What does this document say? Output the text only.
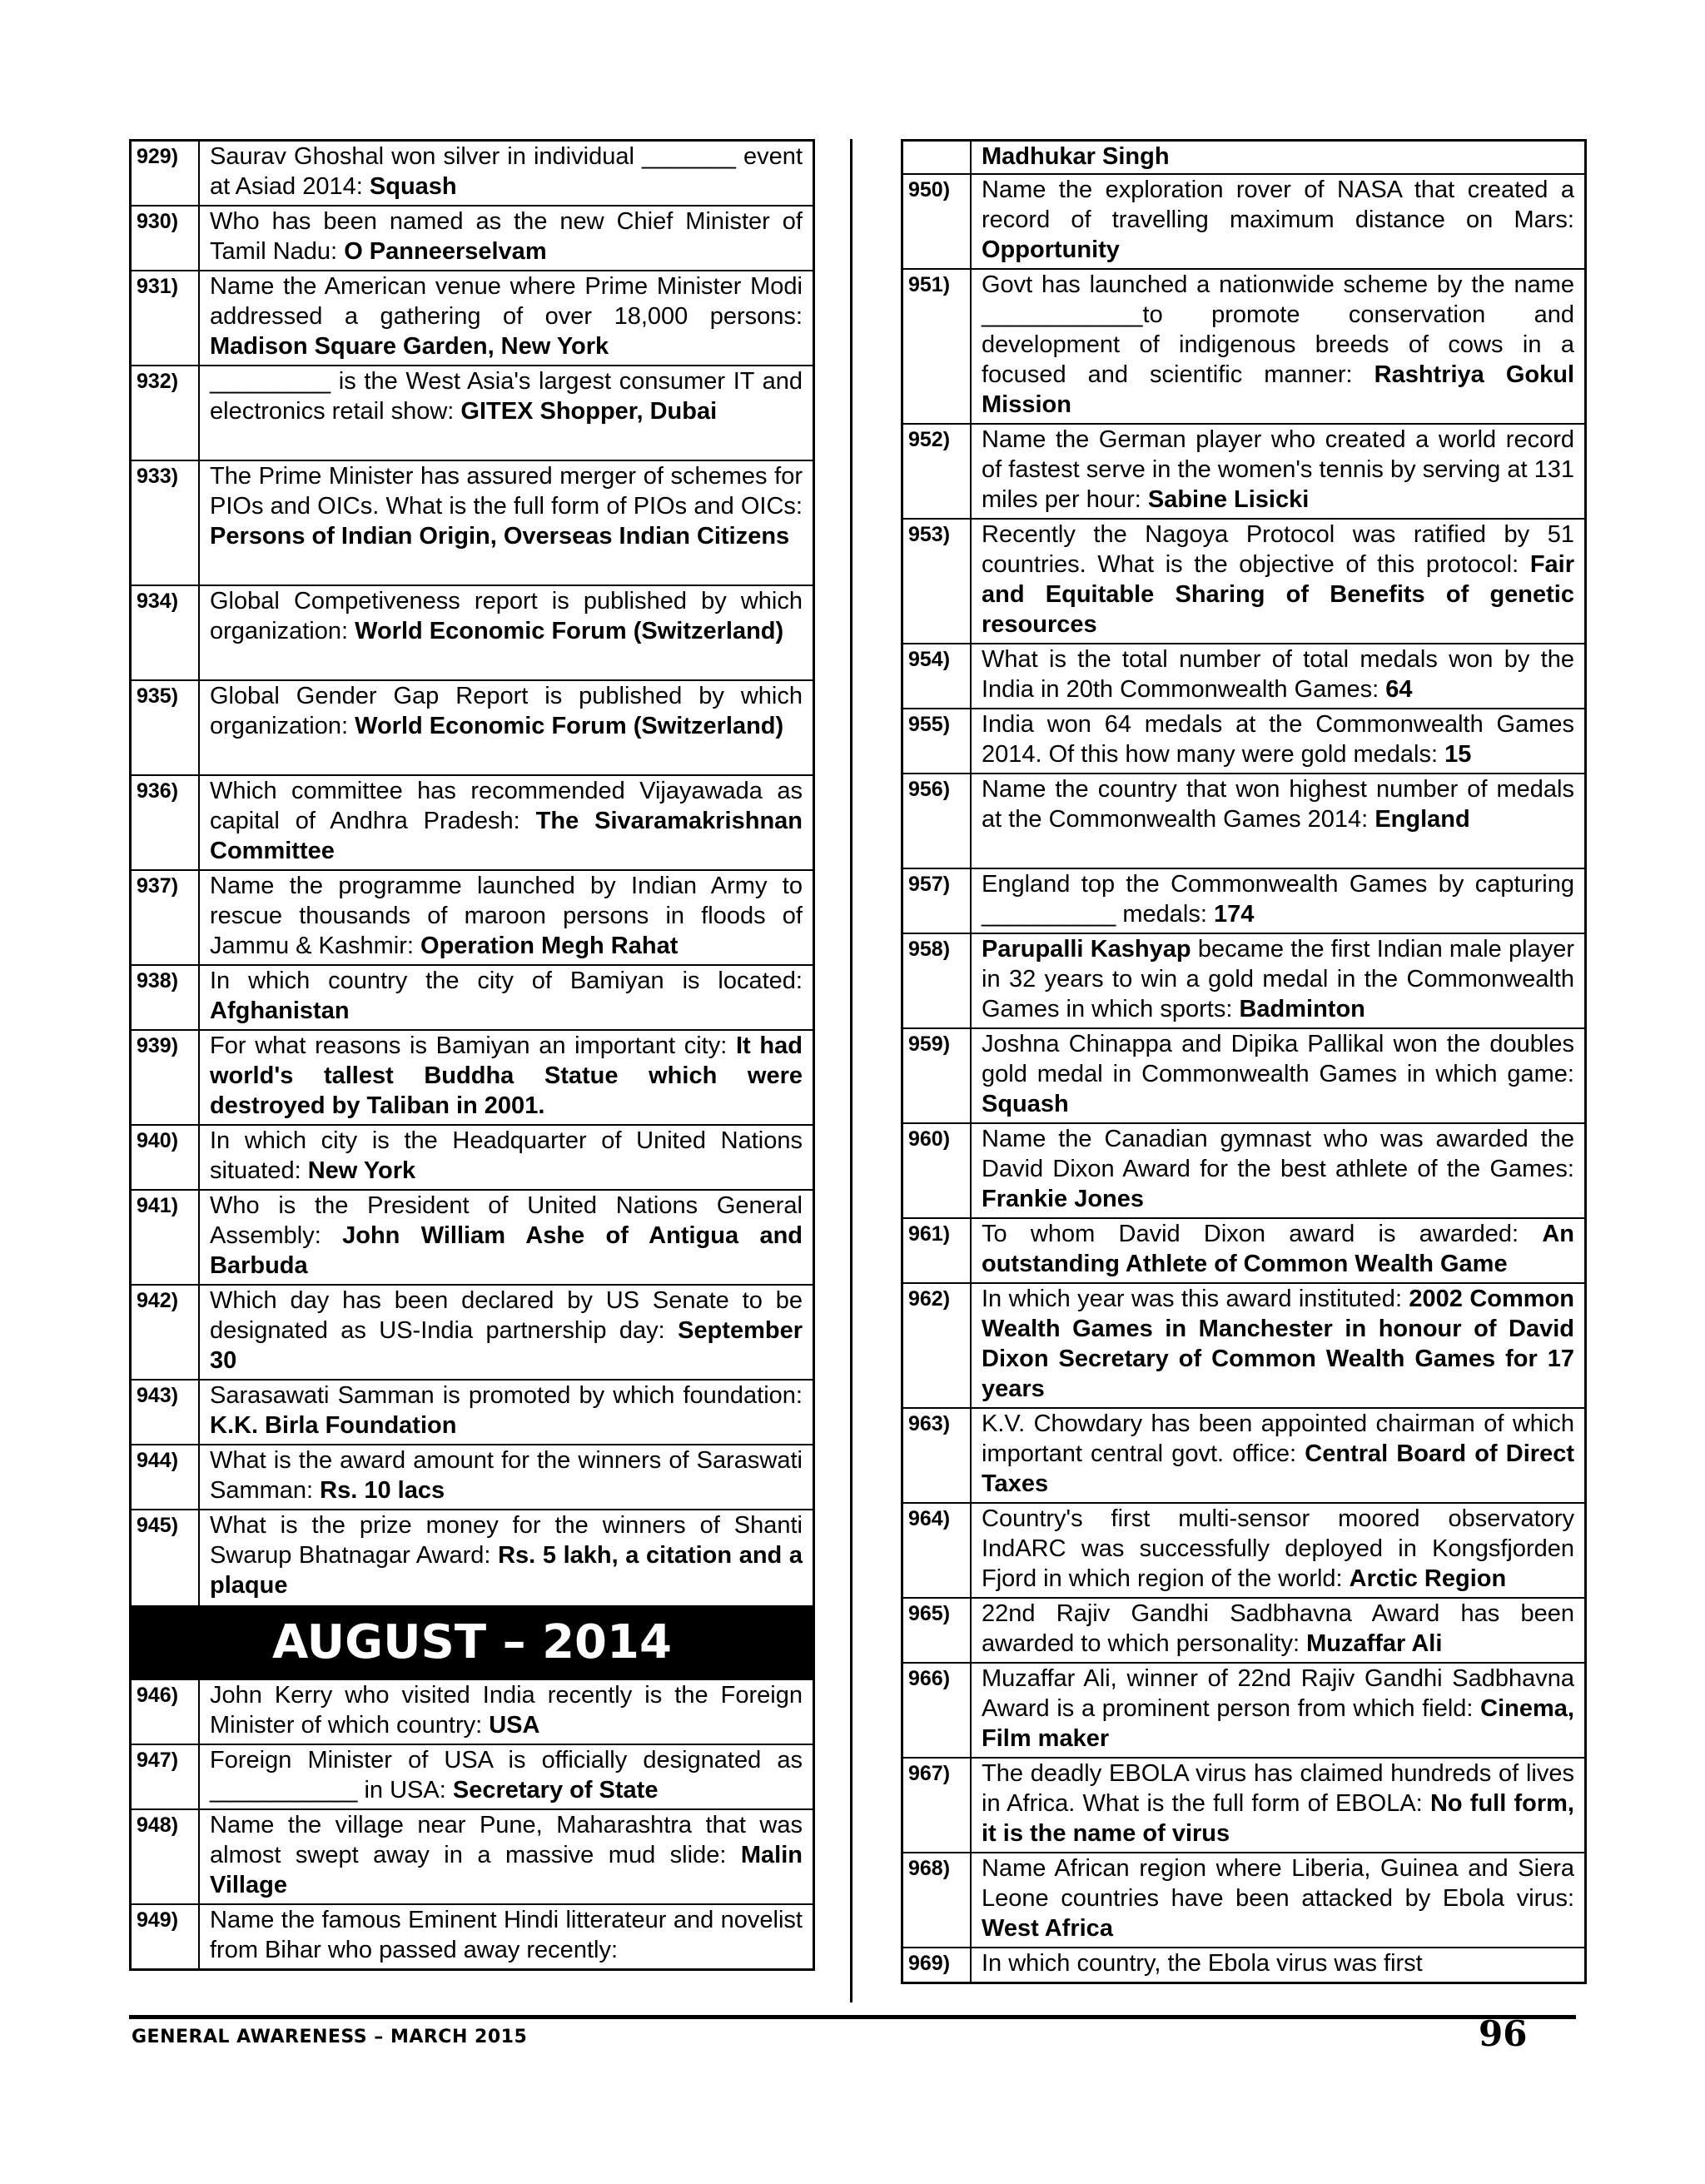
929)	Saurav Ghoshal won silver in individual _______ event at Asiad 2014: Squash
930)	Who has been named as the new Chief Minister of Tamil Nadu: O Panneerselvam
931)	Name the American venue where Prime Minister Modi addressed a gathering of over 18,000 persons: Madison Square Garden, New York
932)	_________ is the West Asia's largest consumer IT and electronics retail show: GITEX Shopper, Dubai
933)	The Prime Minister has assured merger of schemes for PIOs and OICs. What is the full form of PIOs and OICs: Persons of Indian Origin, Overseas Indian Citizens
934)	Global Competiveness report is published by which organization: World Economic Forum (Switzerland)
935)	Global Gender Gap Report is published by which organization: World Economic Forum (Switzerland)
936)	Which committee has recommended Vijayawada as capital of Andhra Pradesh: The Sivaramakrishnan Committee
937)	Name the programme launched by Indian Army to rescue thousands of maroon persons in floods of Jammu & Kashmir: Operation Megh Rahat
938)	In which country the city of Bamiyan is located: Afghanistan
939)	For what reasons is Bamiyan an important city: It had world's tallest Buddha Statue which were destroyed by Taliban in 2001.
940)	In which city is the Headquarter of United Nations situated: New York
941)	Who is the President of United Nations General Assembly: John William Ashe of Antigua and Barbuda
942)	Which day has been declared by US Senate to be designated as US-India partnership day: September 30
943)	Sarasawati Samman is promoted by which foundation: K.K. Birla Foundation
944)	What is the award amount for the winners of Saraswati Samman: Rs. 10 lacs
945)	What is the prize money for the winners of Shanti Swarup Bhatnagar Award: Rs. 5 lakh, a citation and a plaque
AUGUST – 2014
946)	John Kerry who visited India recently is the Foreign Minister of which country: USA
947)	Foreign Minister of USA is officially designated as ___________ in USA: Secretary of State
948)	Name the village near Pune, Maharashtra that was almost swept away in a massive mud slide: Malin Village
949)	Name the famous Eminent Hindi litterateur and novelist from Bihar who passed away recently:
Madhukar Singh
950)	Name the exploration rover of NASA that created a record of travelling maximum distance on Mars: Opportunity
951)	Govt has launched a nationwide scheme by the name ____________to promote conservation and development of indigenous breeds of cows in a focused and scientific manner: Rashtriya Gokul Mission
952)	Name the German player who created a world record of fastest serve in the women's tennis by serving at 131 miles per hour: Sabine Lisicki
953)	Recently the Nagoya Protocol was ratified by 51 countries. What is the objective of this protocol: Fair and Equitable Sharing of Benefits of genetic resources
954)	What is the total number of total medals won by the India in 20th Commonwealth Games: 64
955)	India won 64 medals at the Commonwealth Games 2014. Of this how many were gold medals: 15
956)	Name the country that won highest number of medals at the Commonwealth Games 2014: England
957)	England top the Commonwealth Games by capturing __________ medals: 174
958)	Parupalli Kashyap became the first Indian male player in 32 years to win a gold medal in the Commonwealth Games in which sports: Badminton
959)	Joshna Chinappa and Dipika Pallikal won the doubles gold medal in Commonwealth Games in which game: Squash
960)	Name the Canadian gymnast who was awarded the David Dixon Award for the best athlete of the Games: Frankie Jones
961)	To whom David Dixon award is awarded: An outstanding Athlete of Common Wealth Game
962)	In which year was this award instituted: 2002 Common Wealth Games in Manchester in honour of David Dixon Secretary of Common Wealth Games for 17 years
963)	K.V. Chowdary has been appointed chairman of which important central govt. office: Central Board of Direct Taxes
964)	Country's first multi-sensor moored observatory IndARC was successfully deployed in Kongsfjorden Fjord in which region of the world: Arctic Region
965)	22nd Rajiv Gandhi Sadbhavna Award has been awarded to which personality: Muzaffar Ali
966)	Muzaffar Ali, winner of 22nd Rajiv Gandhi Sadbhavna Award is a prominent person from which field: Cinema, Film maker
967)	The deadly EBOLA virus has claimed hundreds of lives in Africa. What is the full form of EBOLA: No full form, it is the name of virus
968)	Name African region where Liberia, Guinea and Siera Leone countries have been attacked by Ebola virus: West Africa
969)	In which country, the Ebola virus was first
GENERAL AWARENESS – MARCH 2015	96
